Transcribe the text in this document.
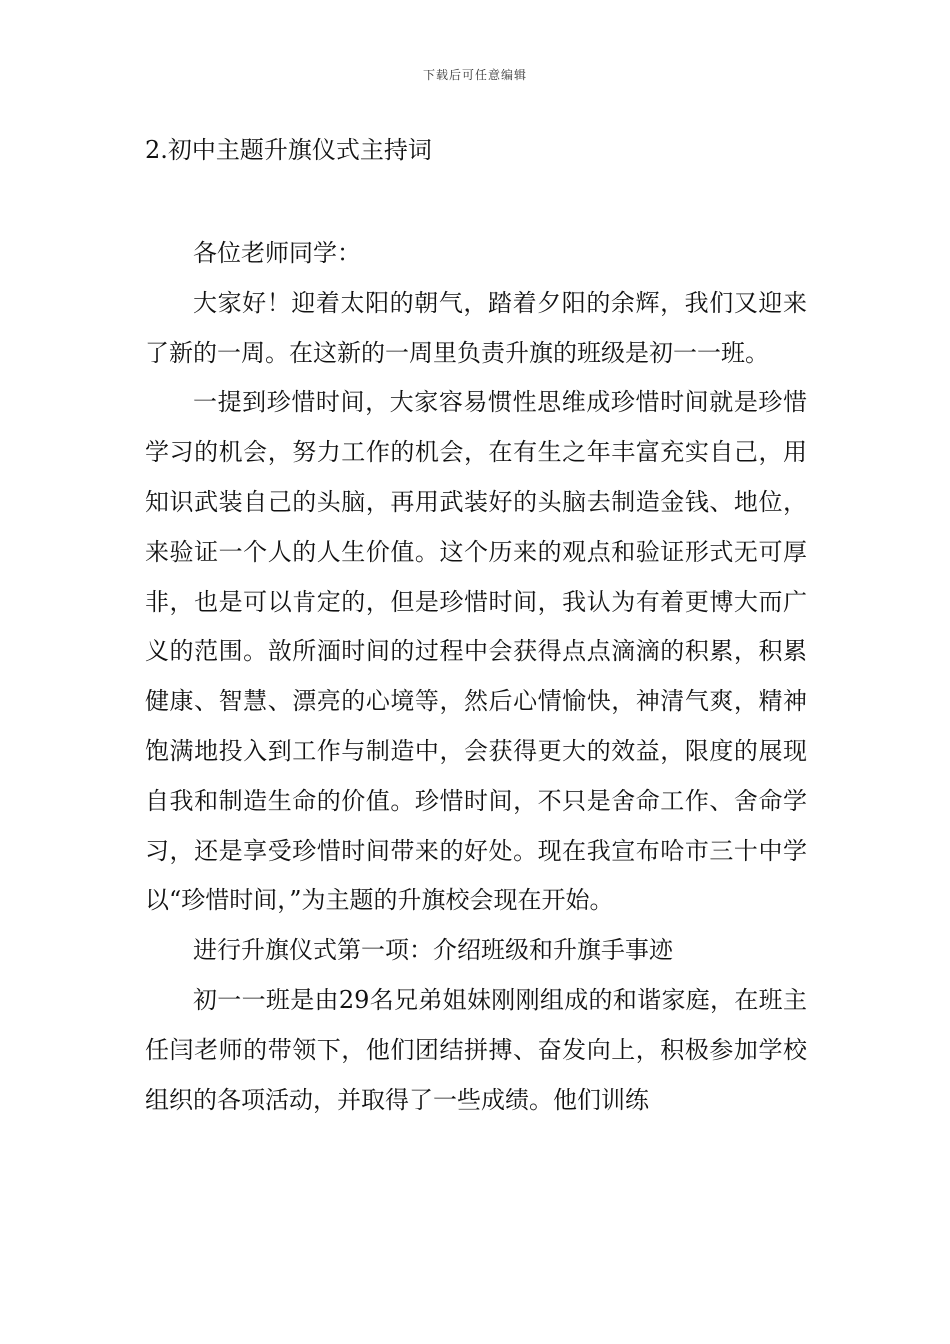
下载后可任意编辑
2.初中主题升旗仪式主持词

各位老师同学：

大家好！迎着太阳的朝气，踏着夕阳的余辉，我们又迎来了新的一周。在这新的一周里负责升旗的班级是初一一班。

一提到珍惜时间，大家容易惯性思维成珍惜时间就是珍惜学习的机会，努力工作的机会，在有生之年丰富充实自己，用知识武装自己的头脑，再用武装好的头脑去制造金钱、地位，来验证一个人的人生价值。这个历来的观点和验证形式无可厚非，也是可以肯定的，但是珍惜时间，我认为有着更博大而广义的范围。敨所湎时间的过程中会获得点点滴滴的积累，积累健康、智慧、漂亮的心境等，然后心情愉快，神清气爽，精神饱满地投入到工作与制造中，会获得更大的效益，限度的展现自我和制造生命的价值。珍惜时间，不只是舍命工作、舍命学习，还是享受珍惜时间带来的好处。现在我宣布哈市三十中学以“珍惜时间，”为主题的升旗校会现在开始。

进行升旗仪式第一项：介绍班级和升旗手事迹

初一一班是由29名兄弟姐妹刚刚组成的和谐家庭，在班主任闫老师的带领下，他们团结拼搏、奋发向上，积极参加学校组织的各项活动，并取得了一些成绩。他们训练
